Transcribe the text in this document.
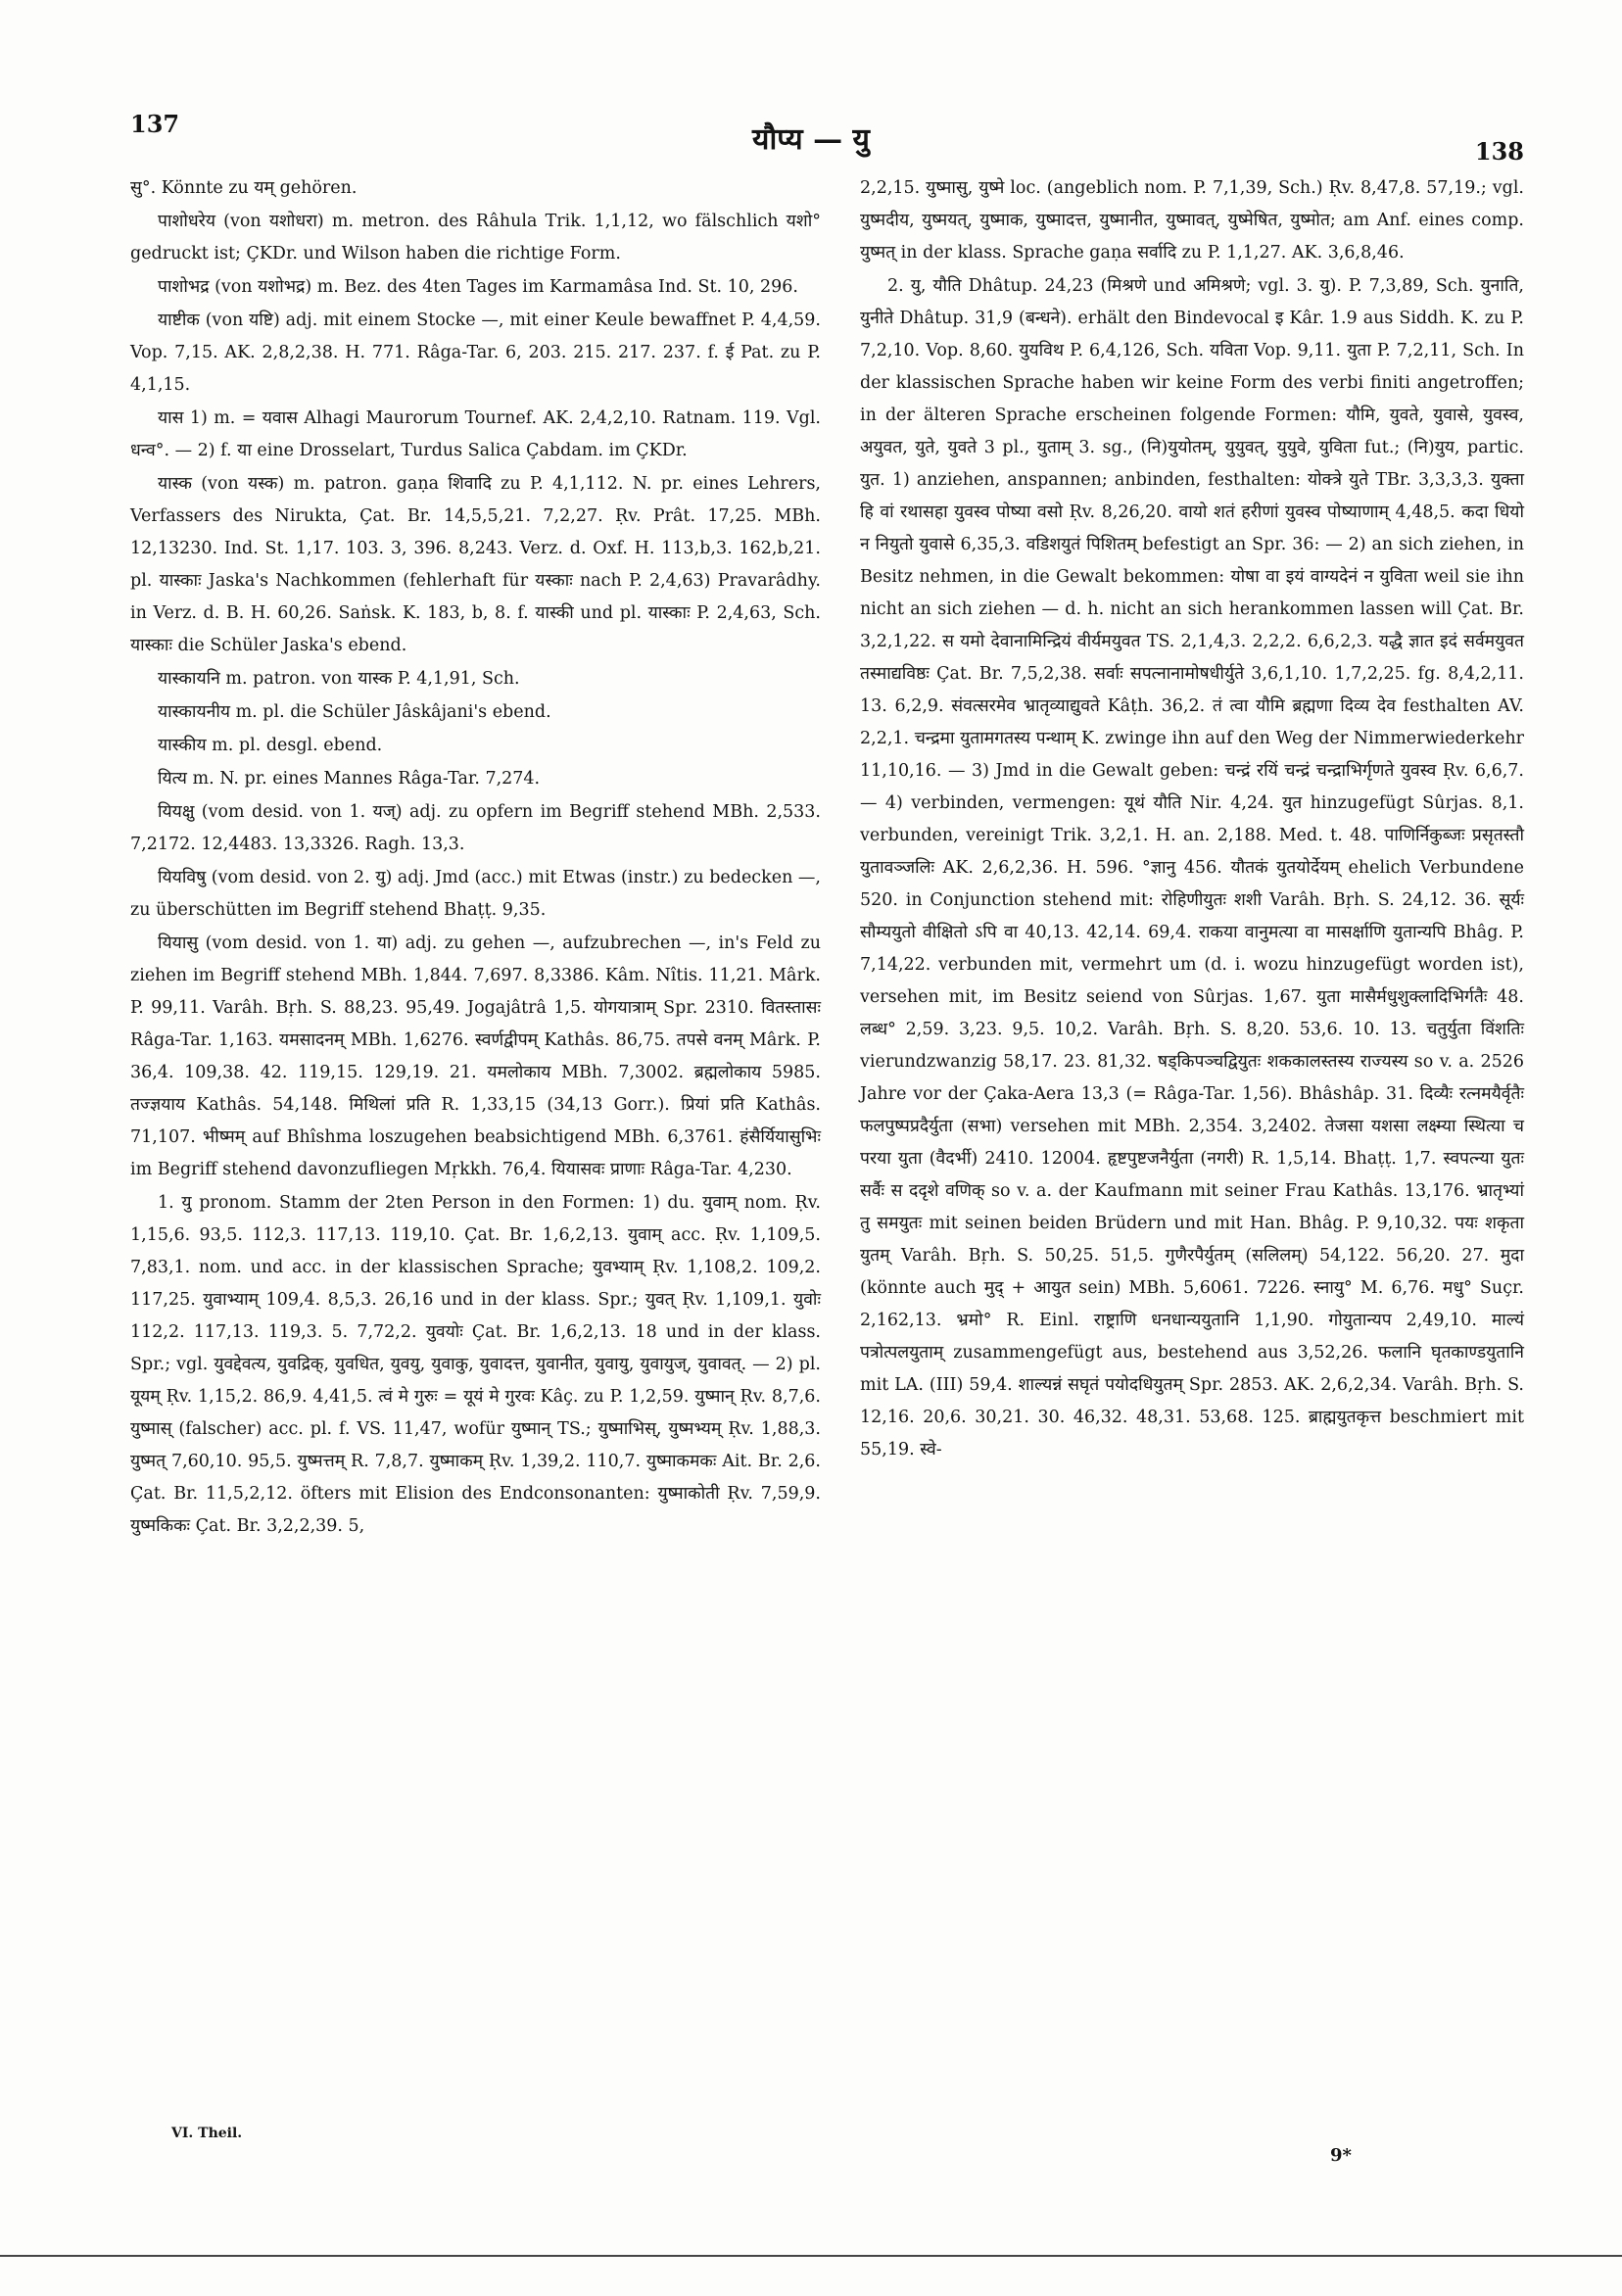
137	यौप्य — यु	138

सु°. Könnte zu यम् gehören.

पाशोधरेय (von यशोधरा) m. metron. des Râhula Trik. 1,1,12, wo fälschlich यशो° gedruckt ist; ÇKDr. und Wilson haben die richtige Form.

पाशोभद्र (von यशोभद्र) m. Bez. des 4ten Tages im Karmamâsa Ind. St. 10, 296.

याष्टीक (von यष्टि) adj. mit einem Stocke —, mit einer Keule bewaffnet P. 4,4,59. Vop. 7,15. AK. 2,8,2,38. H. 771. Râga-Tar. 6, 203. 215. 217. 237. f. ई Pat. zu P. 4,1,15.

यास 1) m. = यवास Alhagi Maurorum Tournef. AK. 2,4,2,10. Ratnam. 119. Vgl. धन्व°. — 2) f. या eine Drosselart, Turdus Salica Çabdam. im ÇKDr.

यास्क (von यस्क) m. patron. gaṇa शिवादि zu P. 4,1,112. N. pr. eines Lehrers, Verfassers des Nirukta, Çat. Br. 14,5,5,21. 7,2,27. Ṛv. Prât. 17,25. MBh. 12,13230. Ind. St. 1,17. 103. 3, 396. 8,243. Verz. d. Oxf. H. 113,b,3. 162,b,21. pl. यास्काः Jaska's Nachkommen (fehlerhaft für यस्काः nach P. 2,4,63) Pravarâdhy. in Verz. d. B. H. 60,26. Saṅsk. K. 183, b, 8. f. यास्की und pl. यास्काः P. 2,4,63, Sch. यास्काः die Schüler Jaska's ebend.

यास्कायनि m. patron. von यास्क P. 4,1,91, Sch.

यास्कायनीय m. pl. die Schüler Jâskâjani's ebend.

यास्कीय m. pl. desgl. ebend.

यित्य m. N. pr. eines Mannes Râga-Tar. 7,274.

यियक्षु (vom desid. von 1. यज्) adj. zu opfern im Begriff stehend MBh. 2,533. 7,2172. 12,4483. 13,3326. Ragh. 13,3.

यियविषु (vom desid. von 2. यु) adj. Jmd (acc.) mit Etwas (instr.) zu bedecken —, zu überschütten im Begriff stehend Bhaṭṭ. 9,35.

यियासु (vom desid. von 1. या) adj. zu gehen —, aufzubrechen —, in's Feld zu ziehen im Begriff stehend MBh. 1,844. 7,697. 8,3386. Kâm. Nîtis. 11,21. Mârk. P. 99,11. Varâh. Bṛh. S. 88,23. 95,49. Jogajâtrâ 1,5. योगयात्राम् Spr. 2310. वितस्तासः Râga-Tar. 1,163. यमसादनम् MBh. 1,6276. स्वर्णद्वीपम् Kathâs. 86,75. तपसे वनम् Mârk. P. 36,4. 109,38. 42. 119,15. 129,19. 21. यमलोकाय MBh. 7,3002. ब्रह्मलोकाय 5985. तज्ज्ञयाय Kathâs. 54,148. मिथिलां प्रति R. 1,33,15 (34,13 Gorr.). प्रियां प्रति Kathâs. 71,107. भीष्मम् auf Bhîshma loszugehen beabsichtigend MBh. 6,3761. हंसैर्यियासुभिः im Begriff stehend davonzufliegen Mṛkkh. 76,4. यियासवः प्राणाः Râga-Tar. 4,230.

1. यु pronom. Stamm der 2ten Person in den Formen: 1) du. युवाम् nom. Ṛv. 1,15,6. 93,5. 112,3. 117,13. 119,10. Çat. Br. 1,6,2,13. युवाम् acc. Ṛv. 1,109,5. 7,83,1. nom. und acc. in der klassischen Sprache; युवभ्याम् Ṛv. 1,108,2. 109,2. 117,25. युवाभ्याम् 109,4. 8,5,3. 26,16 und in der klass. Spr.; युवत् Ṛv. 1,109,1. युवोः 112,2. 117,13. 119,3. 5. 7,72,2. युवयोः Çat. Br. 1,6,2,13. 18 und in der klass. Spr.; vgl. युवद्देवत्य, युवद्रिक्, युवधित, युवयु, युवाकु, युवादत्त, युवानीत, युवायु, युवायुज्, युवावत्. — 2) pl. यूयम् Ṛv. 1,15,2. 86,9. 4,41,5. त्वं मे गुरुः = यूयं मे गुरवः Kâç. zu P. 1,2,59. युष्मान् Ṛv. 8,7,6. युष्मास् (falscher) acc. pl. f. VS. 11,47, wofür युष्मान् TS.; युष्माभिस्, युष्मभ्यम् Ṛv. 1,88,3. युष्मत् 7,60,10. 95,5. युष्मत्तम् R. 7,8,7. युष्माकम् Ṛv. 1,39,2. 110,7. युष्माकमकः Ait. Br. 2,6. Çat. Br. 11,5,2,12. öfters mit Elision des Endconsonanten: युष्माकोती Ṛv. 7,59,9. युष्मकिकः Çat. Br. 3,2,2,39. 5,

2,2,15. युष्मासु, युष्मे loc. (angeblich nom. P. 7,1,39, Sch.) Ṛv. 8,47,8. 57,19.; vgl. युष्मदीय, युष्मयत्, युष्माक, युष्मादत्त, युष्मानीत, युष्मावत्, युष्मेषित, युष्मोत; am Anf. eines comp. युष्मत् in der klass. Sprache gaṇa सर्वादि zu P. 1,1,27. AK. 3,6,8,46.

2. यु, यौति Dhâtup. 24,23 (मिश्रणे und अमिश्रणे; vgl. 3. यु). P. 7,3,89, Sch. युनाति, युनीते Dhâtup. 31,9 (बन्धने). erhält den Bindevocal इ Kâr. 1.9 aus Siddh. K. zu P. 7,2,10. Vop. 8,60. युयविथ P. 6,4,126, Sch. यविता Vop. 9,11. युता P. 7,2,11, Sch. In der klassischen Sprache haben wir keine Form des verbi finiti angetroffen; in der älteren Sprache erscheinen folgende Formen: यौमि, युवते, युवासे, युवस्व, अयुवत, युते, युवते 3 pl., युताम् 3. sg., (नि)युयोतम्, युयुवत्, युयुवे, युविता fut.; (नि)युय, partic. युत. 1) anziehen, anspannen; anbinden, festhalten: योक्त्रे युते TBr. 3,3,3,3. युक्ता हि वां रथासहा युवस्व पोष्या वसो Ṛv. 8,26,20. वायो शतं हरीणां युवस्व पोष्याणाम् 4,48,5. कदा धियो न नियुतो युवासे 6,35,3. वडिशयुतं पिशितम् befestigt an Spr. 36: — 2) an sich ziehen, in Besitz nehmen, in die Gewalt bekommen: योषा वा इयं वाग्यदेनं न युविता weil sie ihn nicht an sich ziehen — d. h. nicht an sich herankommen lassen will Çat. Br. 3,2,1,22. स यमो देवानामिन्द्रियं वीर्यमयुवत TS. 2,1,4,3. 2,2,2. 6,6,2,3. यद्धै ज्ञात इदं सर्वमयुवत तस्माद्यविष्ठः Çat. Br. 7,5,2,38. सर्वाः सपत्नानामोषधीर्युते 3,6,1,10. 1,7,2,25. fg. 8,4,2,11. 13. 6,2,9. संवत्सरमेव भ्रातृव्याद्युवते Kâṭh. 36,2. तं त्वा यौमि ब्रह्मणा दिव्य देव festhalten AV. 2,2,1. चन्द्रमा युतामगतस्य पन्थाम् K. zwinge ihn auf den Weg der Nimmerwiederkehr 11,10,16. — 3) Jmd in die Gewalt geben: चन्द्रं रयिं चन्द्रं चन्द्राभिर्गृणते युवस्व Ṛv. 6,6,7. — 4) verbinden, vermengen: यूथं यौति Nir. 4,24. युत hinzugefügt Sûrjas. 8,1. verbunden, vereinigt Trik. 3,2,1. H. an. 2,188. Med. t. 48. पाणिर्निकुब्जः प्रसृतस्तौ युतावञ्जलिः AK. 2,6,2,36. H. 596. °ज्ञानु 456. यौतकं युतयोर्देयम् ehelich Verbundene 520. in Conjunction stehend mit: रोहिणीयुतः शशी Varâh. Bṛh. S. 24,12. 36. सूर्यः सौम्ययुतो वीक्षितो ऽपि वा 40,13. 42,14. 69,4. राकया वानुमत्या वा मासर्क्षाणि युतान्यपि Bhâg. P. 7,14,22. verbunden mit, vermehrt um (d. i. wozu hinzugefügt worden ist), versehen mit, im Besitz seiend von Sûrjas. 1,67. युता मासैर्मधुशुक्लादिभिर्गतैः 48. लब्ध° 2,59. 3,23. 9,5. 10,2. Varâh. Bṛh. S. 8,20. 53,6. 10. 13. चतुर्युता विंशतिः vierundzwanzig 58,17. 23. 81,32. षड्किपञ्चद्वियुतः शककालस्तस्य राज्यस्य so v. a. 2526 Jahre vor der Çaka-Aera 13,3 (= Râga-Tar. 1,56). Bhâshâp. 31. दिव्यैः रत्नमयैर्वृतैः फलपुष्पप्रदैर्युता (सभा) versehen mit MBh. 2,354. 3,2402. तेजसा यशसा लक्ष्म्या स्थित्या च परया युता (वैदर्भी) 2410. 12004. हृष्टपुष्टजनैर्युता (नगरी) R. 1,5,14. Bhaṭṭ. 1,7. स्वपत्न्या युतः सर्वैः स ददृशे वणिक् so v. a. der Kaufmann mit seiner Frau Kathâs. 13,176. भ्रातृभ्यां तु समयुतः mit seinen beiden Brüdern und mit Han. Bhâg. P. 9,10,32. पयः शकृता युतम् Varâh. Bṛh. S. 50,25. 51,5. गुणैरपैर्युतम् (सलिलम्) 54,122. 56,20. 27. मुदा (könnte auch मुद् + आयुत sein) MBh. 5,6061. 7226. स्नायु° M. 6,76. मधु° Suçr. 2,162,13. भ्रमो° R. Einl. राष्ट्राणि धनधान्ययुतानि 1,1,90. गोयुतान्यप 2,49,10. माल्यं पत्रोत्पलयुताम् zusammengefügt aus, bestehend aus 3,52,26. फलानि घृतकाण्डयुतानि mit LA. (III) 59,4. शाल्यन्नं सघृतं पयोदधियुतम् Spr. 2853. AK. 2,6,2,34. Varâh. Bṛh. S. 12,16. 20,6. 30,21. 30. 46,32. 48,31. 53,68. 125. ब्राह्मयुतकृत्त beschmiert mit 55,19. स्वे-

VI. Theil.
9*
